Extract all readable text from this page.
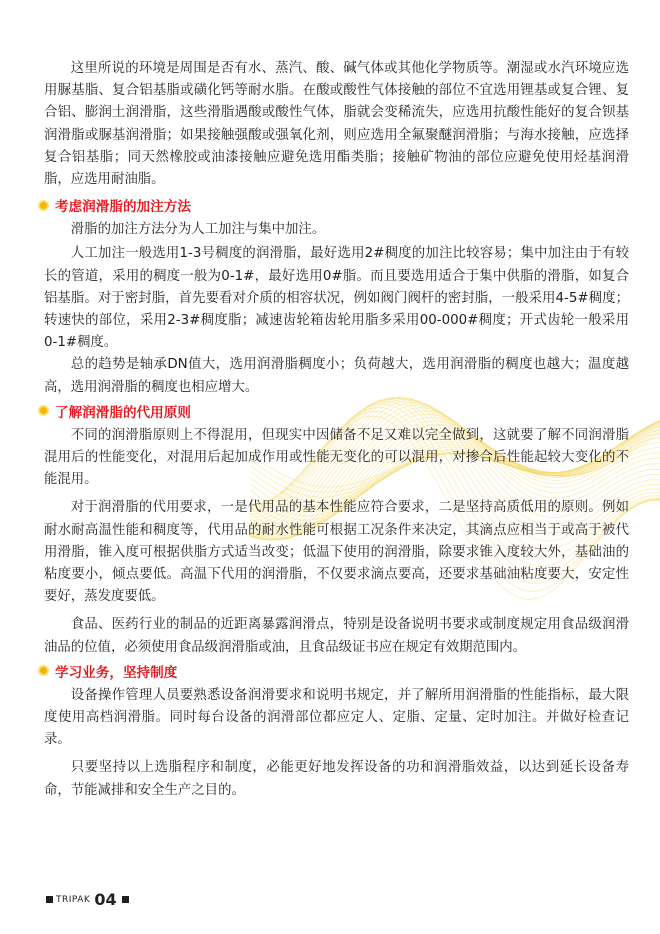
这里所说的环境是周围是否有水、蒸汽、酸、碱气体或其他化学物质等。潮湿或水汽环境应选用脲基脂、复合铝基脂或磺化钙等耐水脂。在酸或酸性气体接触的部位不宜选用锂基或复合锂、复合铝、膨润土润滑脂，这些滑脂遇酸或酸性气体，脂就会变稀流失，应选用抗酸性能好的复合钡基润滑脂或脲基润滑脂；如果接触强酸或强氧化剂，则应选用全氟聚醚润滑脂；与海水接触，应选择复合铝基脂；同天然橡胶或油漆接触应避免选用酯类脂；接触矿物油的部位应避免使用烃基润滑脂，应选用耐油脂。

考虑润滑脂的加注方法

滑脂的加注方法分为人工加注与集中加注。

人工加注一般选用1-3号稠度的润滑脂，最好选用2#稠度的加注比较容易；集中加注由于有较长的管道，采用的稠度一般为0-1#，最好选用0#脂。而且要选用适合于集中供脂的滑脂，如复合铝基脂。对于密封脂，首先要看对介质的相容状况，例如阀门阀杆的密封脂，一般采用4-5#稠度；转速快的部位，采用2-3#稠度脂；减速齿轮箱齿轮用脂多采用00-000#稠度；开式齿轮一般采用0-1#稠度。

总的趋势是轴承DN值大，选用润滑脂稠度小；负荷越大，选用润滑脂的稠度也越大；温度越高，选用润滑脂的稠度也相应增大。

了解润滑脂的代用原则

不同的润滑脂原则上不得混用，但现实中因储备不足又难以完全做到，这就要了解不同润滑脂混用后的性能变化，对混用后起加成作用或性能无变化的可以混用，对掺合后性能起较大变化的不能混用。

对于润滑脂的代用要求，一是代用品的基本性能应符合要求，二是坚持高质低用的原则。例如耐水耐高温性能和稠度等，代用品的耐水性能可根据工况条件来决定，其滴点应相当于或高于被代用滑脂，锥入度可根据供脂方式适当改变；低温下使用的润滑脂，除要求锥入度较大外，基础油的粘度要小，倾点要低。高温下代用的润滑脂，不仅要求滴点要高，还要求基础油粘度要大，安定性要好，蒸发度要低。

食品、医药行业的制品的近距离暴露润滑点，特别是设备说明书要求或制度规定用食品级润滑油品的位值，必须使用食品级润滑脂或油，且食品级证书应在规定有效期范围内。

学习业务，坚持制度

设备操作管理人员要熟悉设备润滑要求和说明书规定，并了解所用润滑脂的性能指标，最大限度使用高档润滑脂。同时每台设备的润滑部位都应定人、定脂、定量、定时加注。并做好检查记录。

只要坚持以上选脂程序和制度，必能更好地发挥设备的功和润滑脂效益，以达到延长设备寿命，节能减排和安全生产之目的。

TRIPAK 04
